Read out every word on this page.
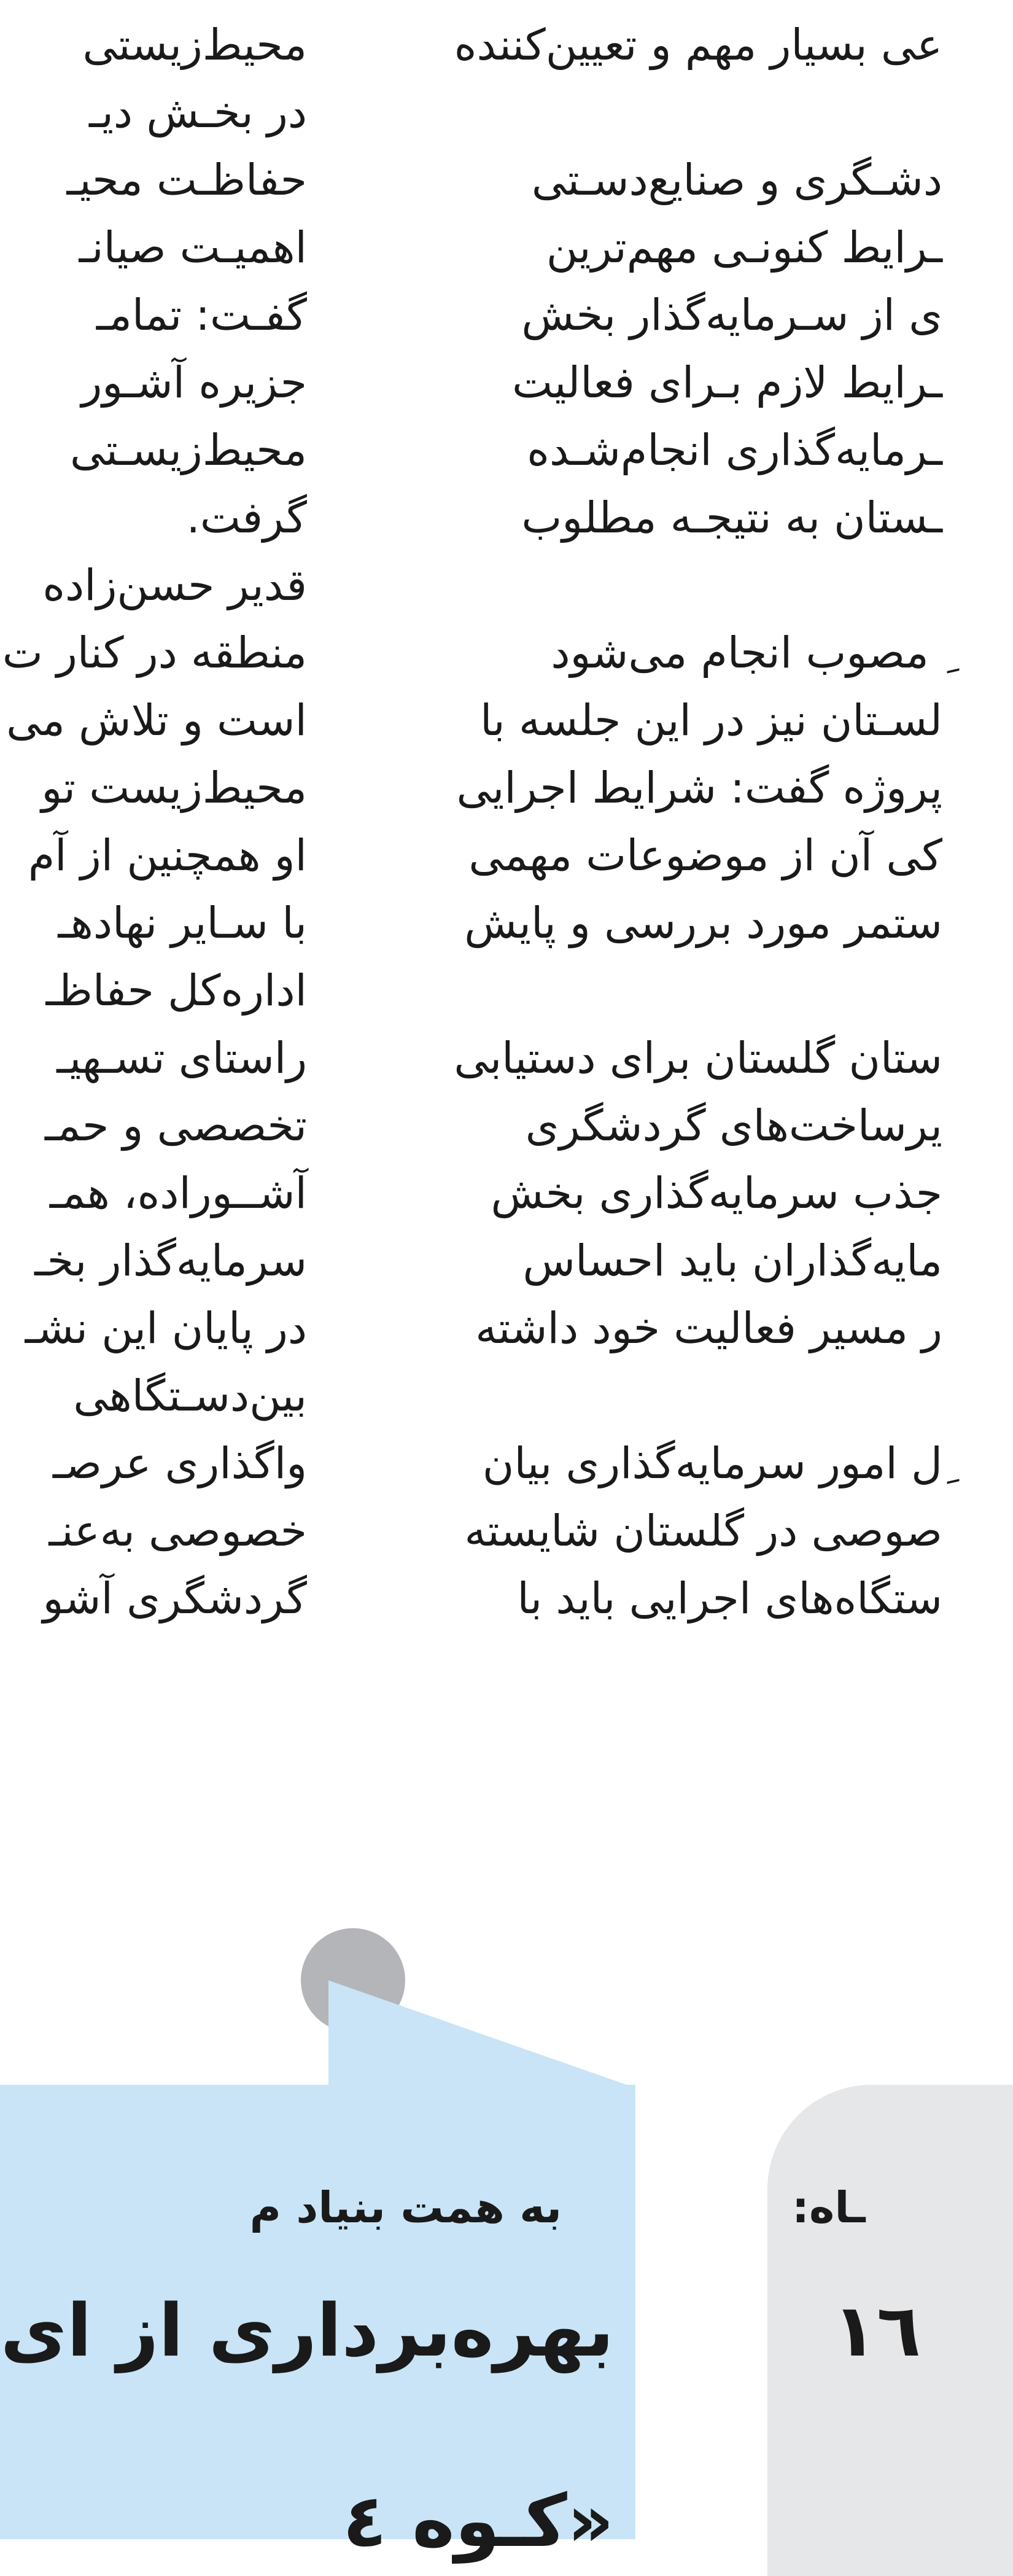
محیط‌زیستی
در بخـش دیـ
حفاظـت محیـ
اهمیـت صیانـ
گفـت: تمامـ
جزیره آشـور
محیط‌زیسـتی
گرفت.
قدیر حسن‌زاده
منطقه در کنار ت
است و تلاش می
محیط‌زیست تو
او همچنین از آم
با سـایر نهادهـ
اداره‌کل حفاظـ
راستای تسـهیـ
تخصصی و حمـ
آشــوراده، همـ
سرمایه‌گذار بخـ
در پایان این نشـ
بین‌دسـتگاهی
واگذاری عرصـ
خصوصی به‌عنـ
گردشگری آشو
عی بسیار مهم و تعیین‌کننده
دشـگری و صنایع‌دسـتی
ـرایط کنونـی مهم‌ترین
ی از سـرمایه‌گذار بخش
ـرایط لازم بـرای فعالیت
ـرمایه‌گذاری انجام‌شـده
ـستان به نتیجـه مطلوب
ِ مصوب انجام می‌شود
لسـتان نیز در این جلسه با
پروژه گفت: شرایط اجرایی
کی آن از موضوعات مهمی
ستمر مورد بررسی و پایش
ستان گلستان برای دستیابی
یرساخت‌های گردشگری
جذب سرمایه‌گذاری بخش
مایه‌گذاران باید احساس
ر مسیر فعالیت خود داشته
ِل امور سرمایه‌گذاری بیان
صوصی در گلستان شایسته
ستگاه‌های اجرایی باید با
به همت بنیاد م
بهره‌برداری از ای
«کـوه ٤
ـاه:
١٦
